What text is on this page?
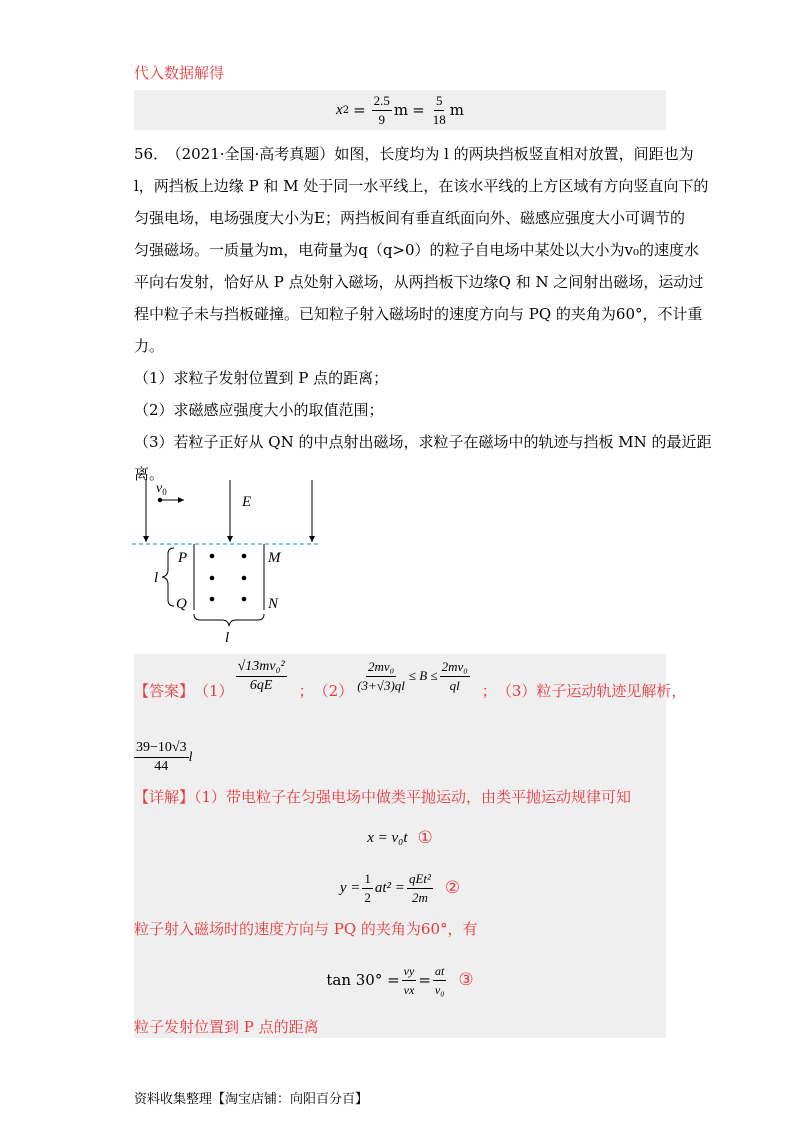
代入数据解得
x $2 = \frac{2.5}{9}$ $m = \frac{5}{18}$ m
56． （2021·全国·高考真题）如图，长度均为 l 的两块挡板竖直相对放置，间距也为
l，两挡板上边缘 P 和 M 处于同一水平线上，在该水平线的上方区域有方向竖直向下的
匀强电场，电场强度大小为E；两挡板间有垂直纸面向外、磁感应强度大小可调节的
匀强磁场。一质量为m，电荷量为q（q>0）的粒子自电场中某处以大小为v₀的速度水
平向右发射，恰好从 P 点处射入磁场，从两挡板下边缘Q 和 N 之间射出磁场，运动过
程中粒子未与挡板碰撞。已知粒子射入磁场时的速度方向与 PQ 的夹角为60°，不计重
力。
（1）求粒子发射位置到 P 点的距离；
（2）求磁感应强度大小的取值范围；
（3）若粒子正好从 QN 的中点射出磁场，求粒子在磁场中的轨迹与挡板 MN 的最近距
离。
$v_0$
E
P	M
Q	N
l
l
【答案】 $(1) \frac{\text{√13mv₀²}}{6qE}$ ； $(2) \frac{\text{2mv₀}}{(3+√3)ql} \le B \le \frac{\text{2mv₀}}{ql}$ ； （3）粒子运动轨迹见解析，
$\frac{39-10√3}{44}$ l
【详解】（1）带电粒子在匀强电场中做类平抛运动，由类平抛运动规律可知
x = v₀t ①
$y = \frac{1}{2} at^2 = \frac{\text{qEt²}}{2m}$ ②
粒子射入磁场时的速度方向与 PQ 的夹角为60°，有
$\tan 30^\circ = \frac{vy}{vx} = \frac{at}{\text{v₀}}$ ③
粒子发射位置到 P 点的距离
资料收集整理【淘宝店铺：向阳百分百】
